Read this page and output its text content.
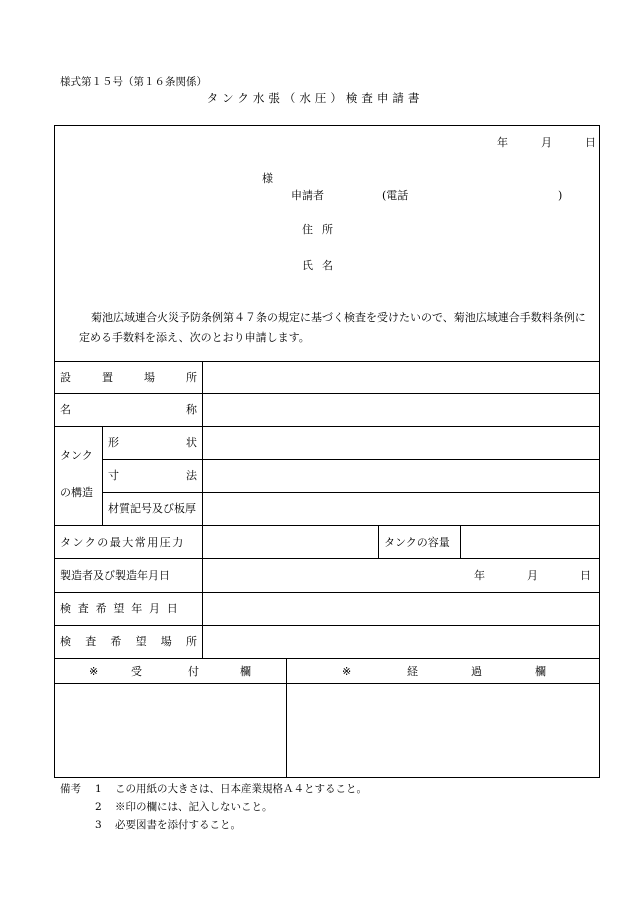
様式第１５号（第１６条関係）
タンク水張（水圧）検査申請書
年	月	日
様
申請者	(電話	)
住所
氏名
菊池広域連合火災予防条例第４７条の規定に基づく検査を受けたいので、菊池広域連合手数料条例に定める手数料を添え、次のとおり申請します。
設	置	場	所
名	称
タンク
の構造
形	状
寸	法
材質記号及び板厚
タンクの最大常用圧力	タンクの容量
製造者及び製造年月日	年	月	日
検査希望年月日
検 査 希 望 場 所
※	受	付	欄	※	経	過	欄
備考 1 この用紙の大きさは、日本産業規格Ａ４とすること。
2 ※印の欄には、記入しないこと。
3 必要図書を添付すること。
